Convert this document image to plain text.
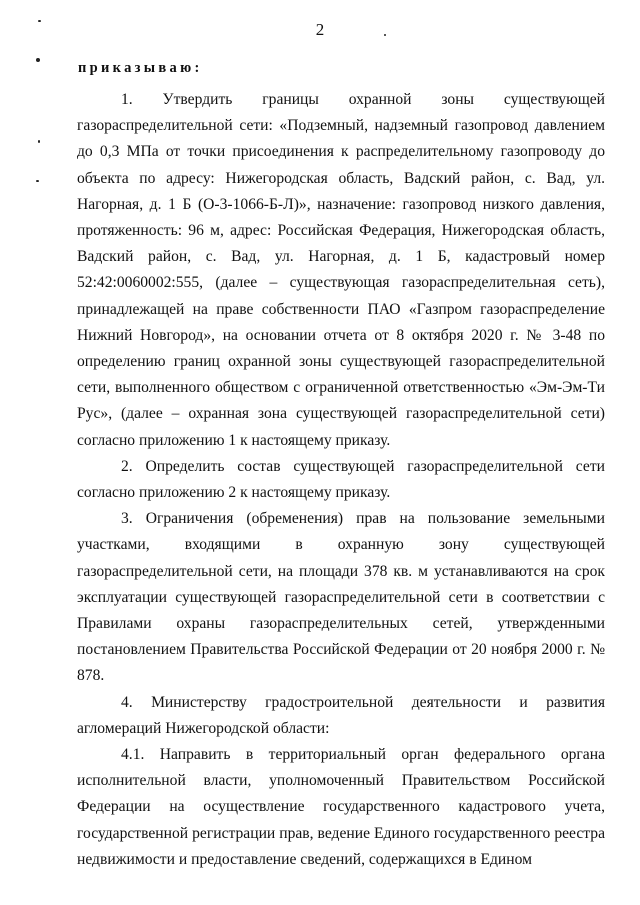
2
приказываю:

1. Утвердить границы охранной зоны существующей газораспределительной сети: «Подземный, надземный газопровод давлением до 0,3 МПа от точки присоединения к распределительному газопроводу до объекта по адресу: Нижегородская область, Вадский район, с. Вад, ул. Нагорная, д. 1 Б (О-3-1066-Б-Л)», назначение: газопровод низкого давления, протяженность: 96 м, адрес: Российская Федерация, Нижегородская область, Вадский район, с. Вад, ул. Нагорная, д. 1 Б, кадастровый номер 52:42:0060002:555, (далее – существующая газораспределительная сеть), принадлежащей на праве собственности ПАО «Газпром газораспределение Нижний Новгород», на основании отчета от 8 октября 2020 г. № 3-48 по определению границ охранной зоны существующей газораспределительной сети, выполненного обществом с ограниченной ответственностью «Эм-Эм-Ти Рус», (далее – охранная зона существующей газораспределительной сети) согласно приложению 1 к настоящему приказу.

2. Определить состав существующей газораспределительной сети согласно приложению 2 к настоящему приказу.

3. Ограничения (обременения) прав на пользование земельными участками, входящими в охранную зону существующей газораспределительной сети, на площади 378 кв. м устанавливаются на срок эксплуатации существующей газораспределительной сети в соответствии с Правилами охраны газораспределительных сетей, утвержденными постановлением Правительства Российской Федерации от 20 ноября 2000 г. № 878.

4. Министерству градостроительной деятельности и развития агломераций Нижегородской области:

4.1. Направить в территориальный орган федерального органа исполнительной власти, уполномоченный Правительством Российской Федерации на осуществление государственного кадастрового учета, государственной регистрации прав, ведение Единого государственного реестра недвижимости и предоставление сведений, содержащихся в Едином
